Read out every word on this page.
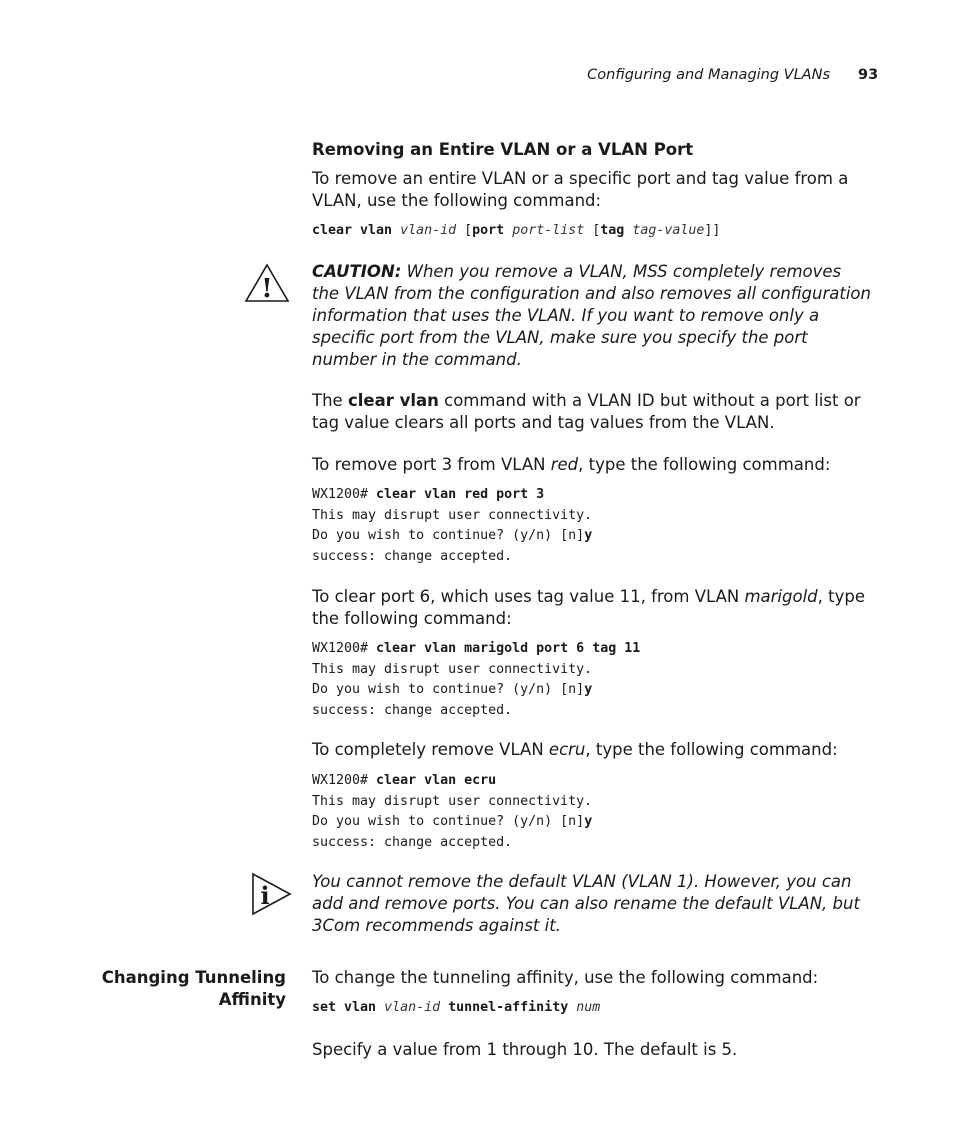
Configuring and Managing VLANs 93
Removing an Entire VLAN or a VLAN Port
To remove an entire VLAN or a specific port and tag value from a VLAN, use the following command:
clear vlan vlan-id [port port-list [tag tag-value]]
!
CAUTION: When you remove a VLAN, MSS completely removes the VLAN from the configuration and also removes all configuration information that uses the VLAN. If you want to remove only a specific port from the VLAN, make sure you specify the port number in the command.
The clear vlan command with a VLAN ID but without a port list or tag value clears all ports and tag values from the VLAN.
To remove port 3 from VLAN red, type the following command:
WX1200# clear vlan red port 3
This may disrupt user connectivity.
Do you wish to continue? (y/n) [n]y
success: change accepted.
To clear port 6, which uses tag value 11, from VLAN marigold, type the following command:
WX1200# clear vlan marigold port 6 tag 11
This may disrupt user connectivity.
Do you wish to continue? (y/n) [n]y
success: change accepted.
To completely remove VLAN ecru, type the following command:
WX1200# clear vlan ecru
This may disrupt user connectivity.
Do you wish to continue? (y/n) [n]y
success: change accepted.
i	You cannot remove the default VLAN (VLAN 1). However, you can add and remove ports. You can also rename the default VLAN, but 3Com recommends against it.
Changing Tunneling
Affinity
To change the tunneling affinity, use the following command:
set vlan vlan-id tunnel-affinity num
Specify a value from 1 through 10. The default is 5.
